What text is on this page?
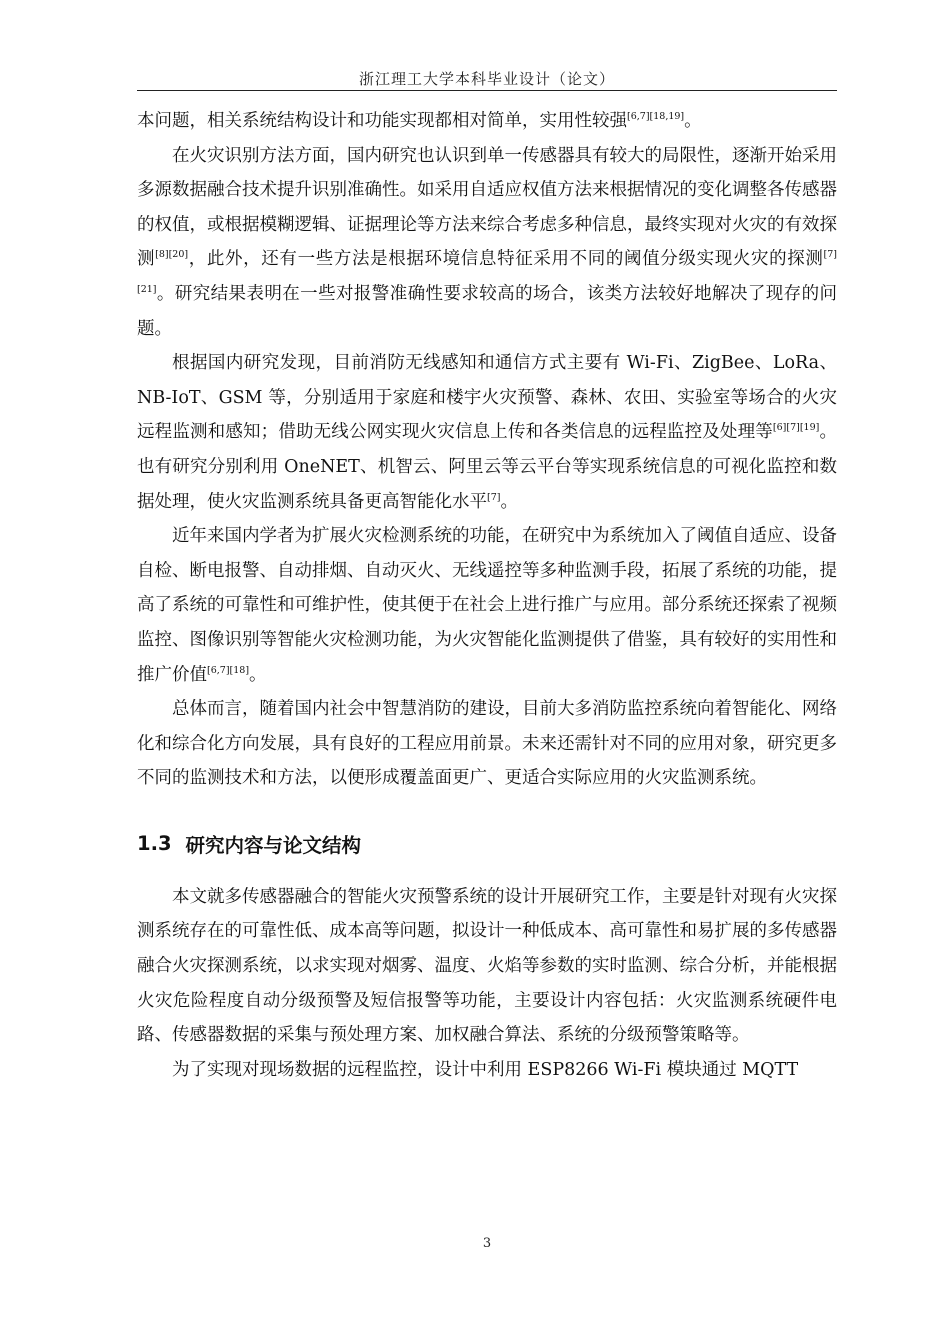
浙江理工大学本科毕业设计（论文）

本问题，相关系统结构设计和功能实现都相对简单，实用性较强[6,7][18,19]。

在火灾识别方法方面，国内研究也认识到单一传感器具有较大的局限性，逐渐开始采用多源数据融合技术提升识别准确性。如采用自适应权值方法来根据情况的变化调整各传感器的权值，或根据模糊逻辑、证据理论等方法来综合考虑多种信息，最终实现对火灾的有效探测[8][20]，此外，还有一些方法是根据环境信息特征采用不同的阈值分级实现火灾的探测[7][21]。研究结果表明在一些对报警准确性要求较高的场合，该类方法较好地解决了现存的问题。

根据国内研究发现，目前消防无线感知和通信方式主要有 Wi-Fi、ZigBee、LoRa、NB-IoT、GSM 等，分别适用于家庭和楼宇火灾预警、森林、农田、实验室等场合的火灾远程监测和感知；借助无线公网实现火灾信息上传和各类信息的远程监控及处理等[6][7][19]。也有研究分别利用 OneNET、机智云、阿里云等云平台等实现系统信息的可视化监控和数据处理，使火灾监测系统具备更高智能化水平[7]。

近年来国内学者为扩展火灾检测系统的功能，在研究中为系统加入了阈值自适应、设备自检、断电报警、自动排烟、自动灭火、无线遥控等多种监测手段，拓展了系统的功能，提高了系统的可靠性和可维护性，使其便于在社会上进行推广与应用。部分系统还探索了视频监控、图像识别等智能火灾检测功能，为火灾智能化监测提供了借鉴，具有较好的实用性和推广价值[6,7][18]。

总体而言，随着国内社会中智慧消防的建设，目前大多消防监控系统向着智能化、网络化和综合化方向发展，具有良好的工程应用前景。未来还需针对不同的应用对象，研究更多不同的监测技术和方法，以便形成覆盖面更广、更适合实际应用的火灾监测系统。

1.3 研究内容与论文结构

本文就多传感器融合的智能火灾预警系统的设计开展研究工作，主要是针对现有火灾探测系统存在的可靠性低、成本高等问题，拟设计一种低成本、高可靠性和易扩展的多传感器融合火灾探测系统，以求实现对烟雾、温度、火焰等参数的实时监测、综合分析，并能根据火灾危险程度自动分级预警及短信报警等功能，主要设计内容包括：火灾监测系统硬件电路、传感器数据的采集与预处理方案、加权融合算法、系统的分级预警策略等。

为了实现对现场数据的远程监控，设计中利用 ESP8266 Wi-Fi 模块通过 MQTT

3
